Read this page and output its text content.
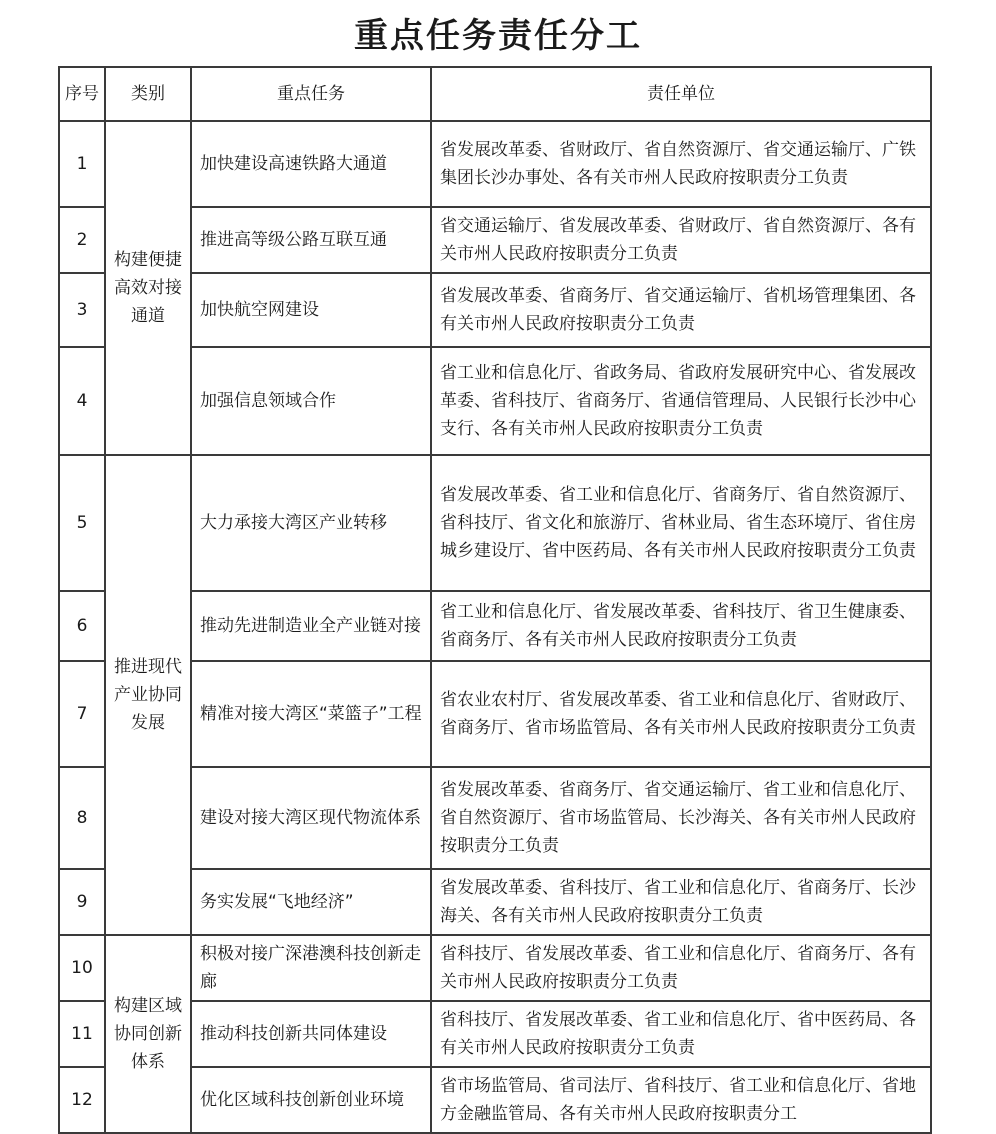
重点任务责任分工
序号	类别	重点任务	责任单位
1	构建便捷高效对接通道	加快建设高速铁路大通道	省发展改革委、省财政厅、省自然资源厅、省交通运输厅、广铁集团长沙办事处、各有关市州人民政府按职责分工负责
2		推进高等级公路互联互通	省交通运输厅、省发展改革委、省财政厅、省自然资源厅、各有关市州人民政府按职责分工负责
3		加快航空网建设	省发展改革委、省商务厅、省交通运输厅、省机场管理集团、各有关市州人民政府按职责分工负责
4		加强信息领域合作	省工业和信息化厅、省政务局、省政府发展研究中心、省发展改革委、省科技厅、省商务厅、省通信管理局、人民银行长沙中心支行、各有关市州人民政府按职责分工负责
5	推进现代产业协同发展	大力承接大湾区产业转移	省发展改革委、省工业和信息化厅、省商务厅、省自然资源厅、省科技厅、省文化和旅游厅、省林业局、省生态环境厅、省住房城乡建设厅、省中医药局、各有关市州人民政府按职责分工负责
6		推动先进制造业全产业链对接	省工业和信息化厅、省发展改革委、省科技厅、省卫生健康委、省商务厅、各有关市州人民政府按职责分工负责
7		精准对接大湾区“菜篮子”工程	省农业农村厅、省发展改革委、省工业和信息化厅、省财政厅、省商务厅、省市场监管局、各有关市州人民政府按职责分工负责
8		建设对接大湾区现代物流体系	省发展改革委、省商务厅、省交通运输厅、省工业和信息化厅、省自然资源厅、省市场监管局、长沙海关、各有关市州人民政府按职责分工负责
9		务实发展“飞地经济”	省发展改革委、省科技厅、省工业和信息化厅、省商务厅、长沙海关、各有关市州人民政府按职责分工负责
10	构建区域协同创新体系	积极对接广深港澳科技创新走廊	省科技厅、省发展改革委、省工业和信息化厅、省商务厅、各有关市州人民政府按职责分工负责
11		推动科技创新共同体建设	省科技厅、省发展改革委、省工业和信息化厅、省中医药局、各有关市州人民政府按职责分工负责
12		优化区域科技创新创业环境	省市场监管局、省司法厅、省科技厅、省工业和信息化厅、省地方金融监管局、各有关市州人民政府按职责分工
